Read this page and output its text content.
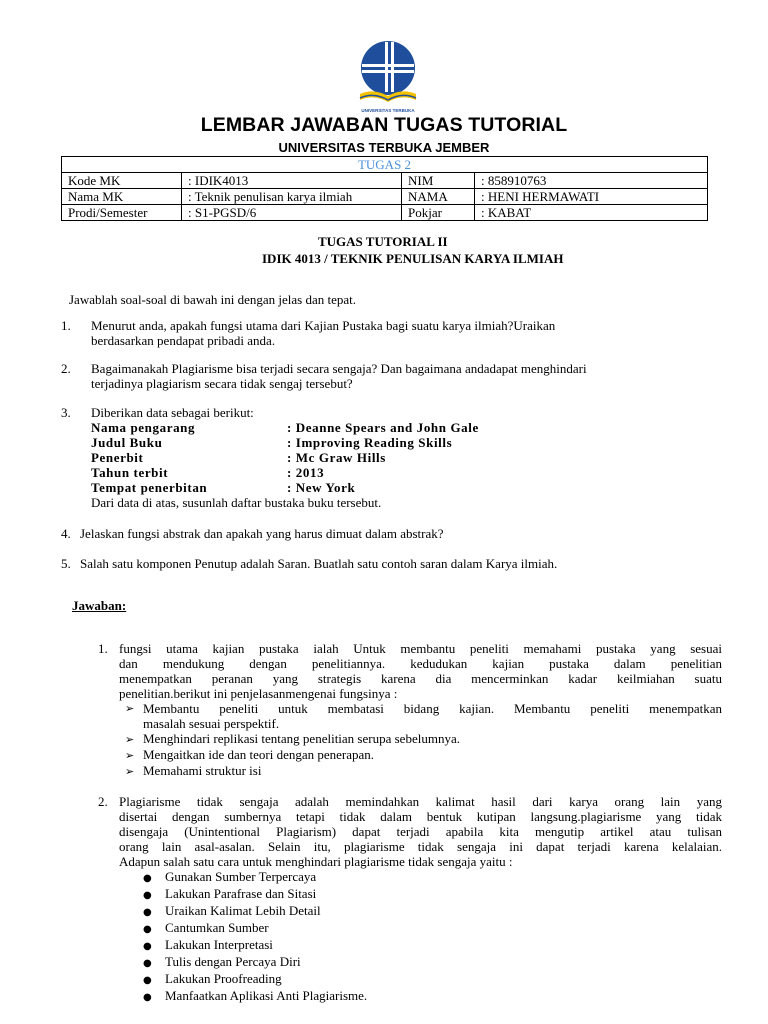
UNIVERSITAS TERBUKA
LEMBAR JAWABAN TUGAS TUTORIAL
UNIVERSITAS TERBUKA JEMBER
TUGAS 2			
Kode MK	: IDIK4013	NIM	: 858910763
Nama MK	: Teknik penulisan karya ilmiah	NAMA	: HENI HERMAWATI
Prodi/Semester	: S1-PGSD/6	Pokjar	: KABAT
TUGAS TUTORIAL II
IDIK 4013 / TEKNIK PENULISAN KARYA ILMIAH
Jawablah soal-soal di bawah ini dengan jelas dan tepat.
1. Menurut anda, apakah fungsi utama dari Kajian Pustaka bagi suatu karya ilmiah?Uraikan
berdasarkan pendapat pribadi anda.
2. Bagaimanakah Plagiarisme bisa terjadi secara sengaja? Dan bagaimana andadapat menghindari
terjadinya plagiarism secara tidak sengaj tersebut?
3. Diberikan data sebagai berikut:
Nama pengarang	: Deanne Spears and John Gale
Judul Buku	: Improving Reading Skills
Penerbit	: Mc Graw Hills
Tahun terbit	: 2013
Tempat penerbitan	: New York
Dari data di atas, susunlah daftar bustaka buku tersebut.
4. Jelaskan fungsi abstrak dan apakah yang harus dimuat dalam abstrak?
5. Salah satu komponen Penutup adalah Saran. Buatlah satu contoh saran dalam Karya ilmiah.
Jawaban:
1. fungsi utama kajian pustaka ialah Untuk membantu peneliti memahami pustaka yang sesuai
dan mendukung dengan penelitiannya. kedudukan kajian pustaka dalam penelitian
menempatkan peranan yang strategis karena dia mencerminkan kadar keilmiahan suatu
penelitian.berikut ini penjelasanmengenai fungsinya :
➢ Membantu peneliti untuk membatasi bidang kajian. Membantu peneliti menempatkan
masalah sesuai perspektif.
➢ Menghindari replikasi tentang penelitian serupa sebelumnya.
➢ Mengaitkan ide dan teori dengan penerapan.
➢ Memahami struktur isi
2. Plagiarisme tidak sengaja adalah memindahkan kalimat hasil dari karya orang lain yang
disertai dengan sumbernya tetapi tidak dalam bentuk kutipan langsung.plagiarisme yang tidak
disengaja (Unintentional Plagiarism) dapat terjadi apabila kita mengutip artikel atau tulisan
orang lain asal-asalan. Selain itu, plagiarisme tidak sengaja ini dapat terjadi karena kelalaian.
Adapun salah satu cara untuk menghindari plagiarisme tidak sengaja yaitu :
● Gunakan Sumber Terpercaya
● Lakukan Parafrase dan Sitasi
● Uraikan Kalimat Lebih Detail
● Cantumkan Sumber
● Lakukan Interpretasi
● Tulis dengan Percaya Diri
● Lakukan Proofreading
● Manfaatkan Aplikasi Anti Plagiarisme.
